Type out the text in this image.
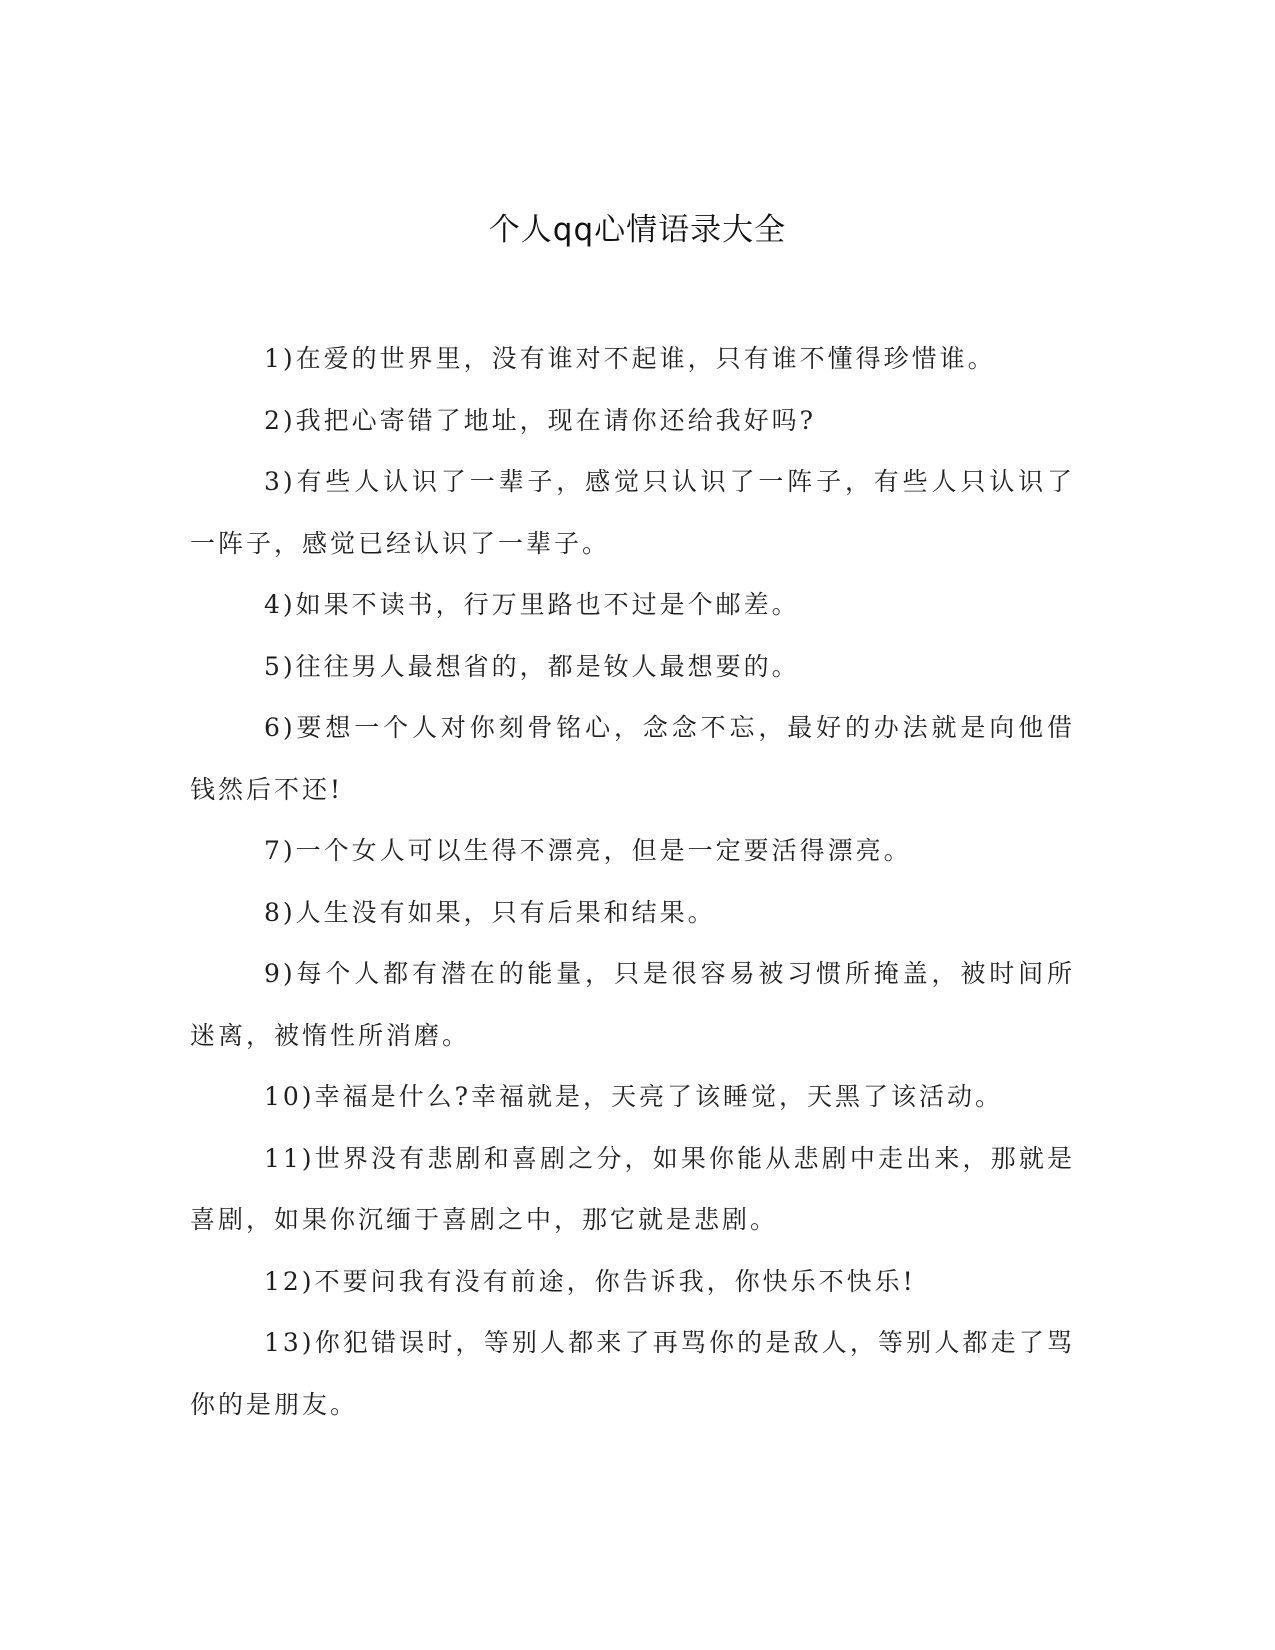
个人qq心情语录大全

1)在爱的世界里，没有谁对不起谁，只有谁不懂得珍惜谁。

2)我把心寄错了地址，现在请你还给我好吗?

3)有些人认识了一辈子，感觉只认识了一阵子，有些人只认识了一阵子，感觉已经认识了一辈子。

4)如果不读书，行万里路也不过是个邮差。

5)往往男人最想省的，都是钕人最想要的。

6)要想一个人对你刻骨铭心，念念不忘，最好的办法就是向他借钱然后不还!

7)一个女人可以生得不漂亮，但是一定要活得漂亮。

8)人生没有如果，只有后果和结果。

9)每个人都有潜在的能量，只是很容易被习惯所掩盖，被时间所迷离，被惰性所消磨。

10)幸福是什么?幸福就是，天亮了该睡觉，天黑了该活动。

11)世界没有悲剧和喜剧之分，如果你能从悲剧中走出来，那就是喜剧，如果你沉缅于喜剧之中，那它就是悲剧。

12)不要问我有没有前途，你告诉我，你快乐不快乐!

13)你犯错误时，等别人都来了再骂你的是敌人，等别人都走了骂你的是朋友。
